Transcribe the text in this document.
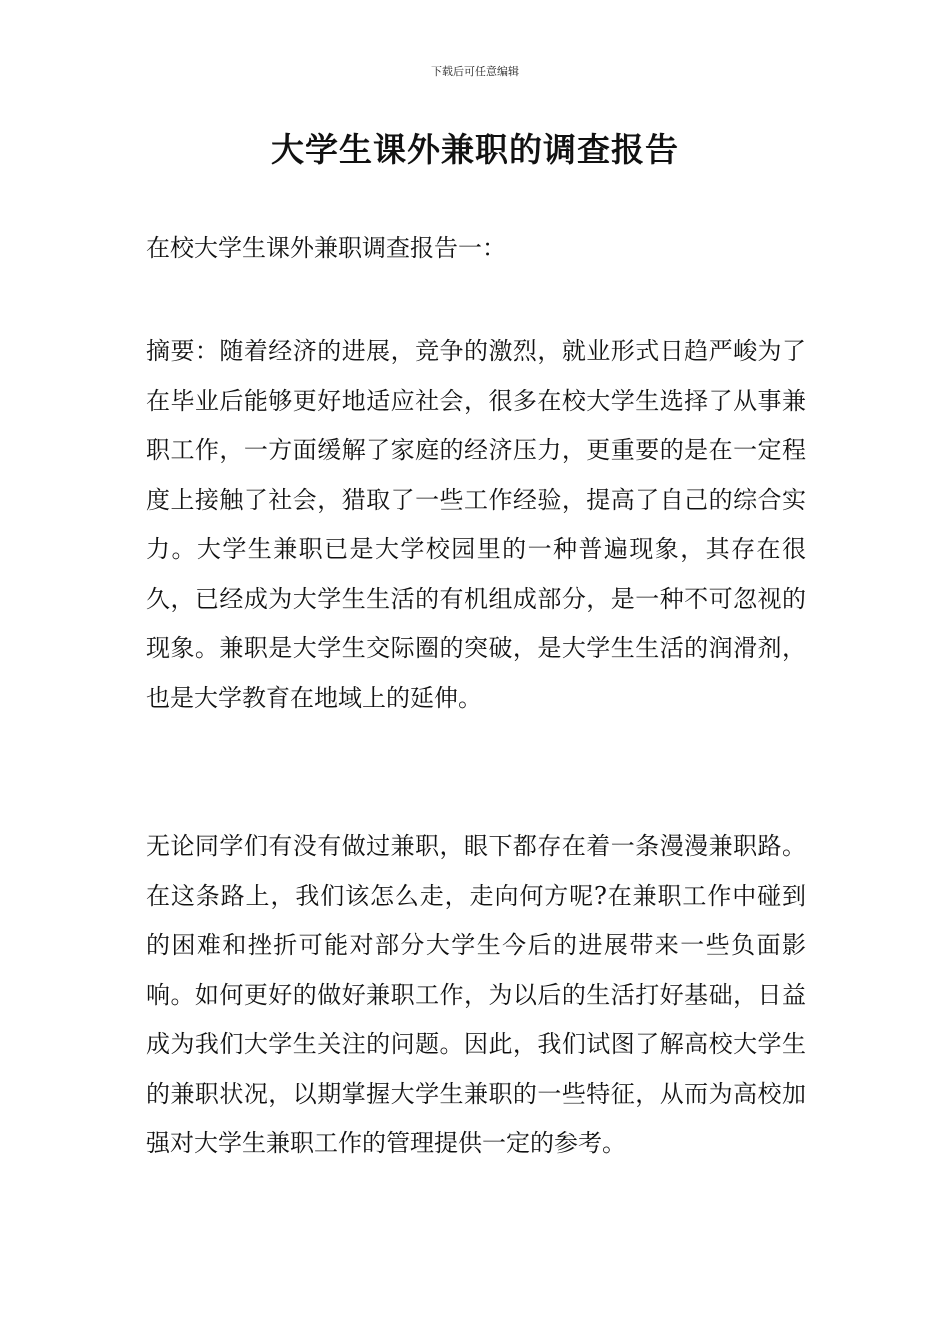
下载后可任意编辑
大学生课外兼职的调查报告

在校大学生课外兼职调查报告一：

摘要：随着经济的进展，竞争的激烈，就业形式日趋严峻为了在毕业后能够更好地适应社会，很多在校大学生选择了从事兼职工作，一方面缓解了家庭的经济压力，更重要的是在一定程度上接触了社会，猎取了一些工作经验，提高了自己的综合实力。大学生兼职已是大学校园里的一种普遍现象，其存在很久，已经成为大学生生活的有机组成部分，是一种不可忽视的现象。兼职是大学生交际圈的突破，是大学生生活的润滑剂，也是大学教育在地域上的延伸。

无论同学们有没有做过兼职，眼下都存在着一条漫漫兼职路。在这条路上，我们该怎么走，走向何方呢?在兼职工作中碰到的困难和挫折可能对部分大学生今后的进展带来一些负面影响。如何更好的做好兼职工作，为以后的生活打好基础，日益成为我们大学生关注的问题。因此，我们试图了解高校大学生的兼职状况，以期掌握大学生兼职的一些特征，从而为高校加强对大学生兼职工作的管理提供一定的参考。
